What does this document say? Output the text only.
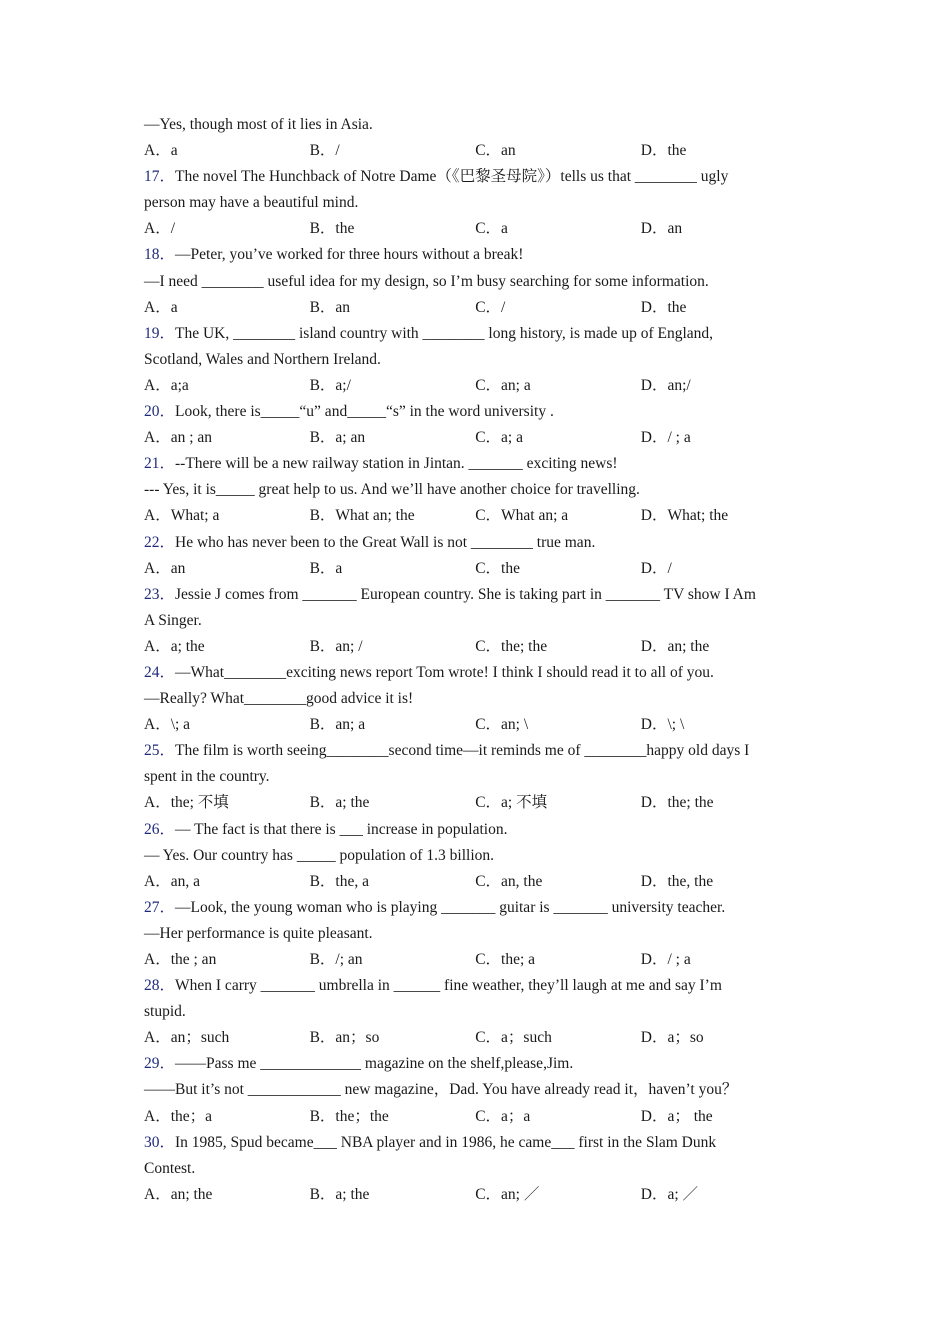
—Yes, though most of it lies in Asia.
A．a	B．/	C．an	D．the
17．The novel The Hunchback of Notre Dame（《巴黎圣母院》）tells us that ________ ugly
person may have a beautiful mind.
A．/	B．the	C．a	D．an
18．—Peter, you’ve worked for three hours without a break!
—I need ________ useful idea for my design, so I’m busy searching for some information.
A．a	B．an	C．/	D．the
19．The UK, ________ island country with ________ long history, is made up of England,
Scotland, Wales and Northern Ireland.
A．a;a	B．a;/	C．an; a	D．an;/
20．Look, there is_____“u” and_____“s” in the word university .
A．an ; an	B．a; an	C．a; a	D．/ ; a
21．--There will be a new railway station in Jintan. _______ exciting news!
--- Yes, it is_____ great help to us. And we’ll have another choice for travelling.
A．What; a	B．What an; the	C．What an; a	D．What; the
22．He who has never been to the Great Wall is not ________ true man.
A．an	B．a	C．the	D．/
23．Jessie J comes from _______ European country. She is taking part in _______ TV show I Am
A Singer.
A．a; the	B．an; /	C．the; the	D．an; the
24．—What________exciting news report Tom wrote! I think I should read it to all of you.
—Really? What________good advice it is!
A．\; a	B．an; a	C．an; \	D．\; \
25．The film is worth seeing________second time—it reminds me of ________happy old days I
spent in the country.
A．the; 不填	B．a; the	C．a; 不填	D．the; the
26．— The fact is that there is ___ increase in population.
— Yes. Our country has _____ population of 1.3 billion.
A．an, a	B．the, a	C．an, the	D．the, the
27．—Look, the young woman who is playing _______ guitar is _______ university teacher.
—Her performance is quite pleasant.
A．the ; an	B．/; an	C．the; a	D．/ ; a
28．When I carry _______ umbrella in ______ fine weather, they’ll laugh at me and say I’m
stupid.
A．an；such	B．an；so	C．a；such	D．a；so
29．——Pass me _____________ magazine on the shelf,please,Jim.
——But it’s not ____________ new magazine，Dad. You have already read it，haven’t you？
A．the；a	B．the；the	C．a；a	D．a； the
30．In 1985, Spud became___ NBA player and in 1986, he came___ first in the Slam Dunk
Contest.
A．an; the	B．a; the	C．an; ／	D．a; ／
